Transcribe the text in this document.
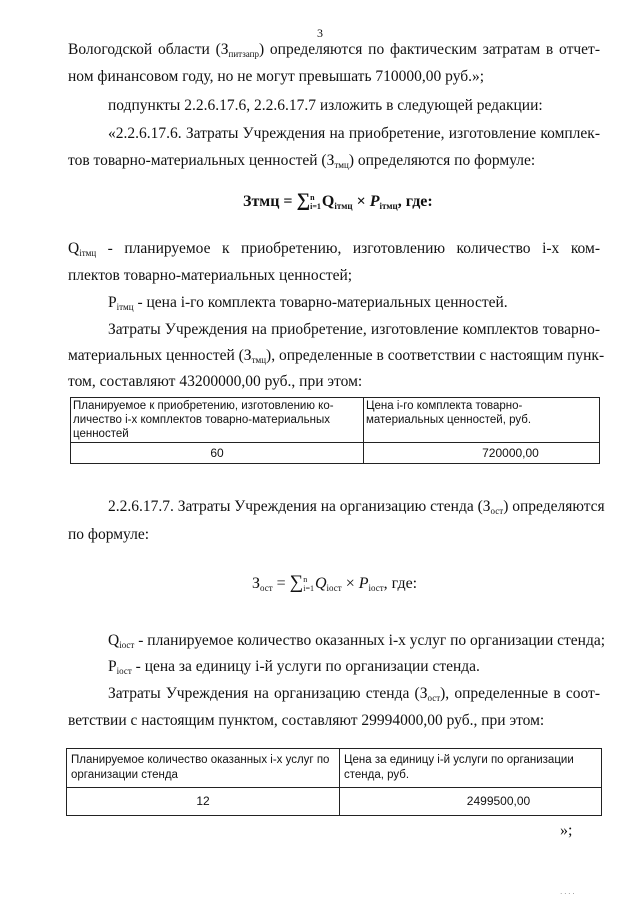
3
Вологодской области $(З_{питзапр})$ определяются по фактическим затратам в отчет-
ном финансовом году, но не могут превышать 710000,00 руб.»;
подпункты 2.2.6.17.6, 2.2.6.17.7 изложить в следующей редакции:
«2.2.6.17.6. Затраты Учреждения на приобретение, изготовление комплек-
тов товарно-материальных ценностей $(З_{тмц})$ определяются по формуле:
Зтмц = ∑n
$i=1Q_{iтмц} \times P_{iтмц}$, где:
$Q_{iтмц}$ - планируемое к приобретению, изготовлению количество i-х ком-
плектов товарно-материальных ценностей;
$P_{iтмц}$ - цена i-го комплекта товарно-материальных ценностей.
Затраты Учреждения на приобретение, изготовление комплектов товарно-
материальных ценностей $(З_{тмц})$, определенные в соответствии с настоящим пунк-
том, составляют 43200000,00 руб., при этом:
Планируемое к приобретению, изготовлению ко-личество i-х комплектов товарно-материальных ценностей	Цена i-го комплекта товарно-материальных ценностей, руб.
60	720000,00
2.2.6.17.7. Затраты Учреждения на организацию стенда $(З_{ост})$ определяются
по формуле:
$З_{ост} = \sum n$
$i=1Q_{iост} \times P_{iост}$, где:
$Q_{iост}$ - планируемое количество оказанных i-х услуг по организации стенда;
$P_{iост}$ - цена за единицу i-й услуги по организации стенда.
Затраты Учреждения на организацию стенда $(З_{ост})$, определенные в соот-
ветствии с настоящим пунктом, составляют 29994000,00 руб., при этом:
Планируемое количество оказанных i-х услуг по организации стенда	Цена за единицу i-й услуги по организации стенда, руб.
12	2499500,00
»;
· · · ·
